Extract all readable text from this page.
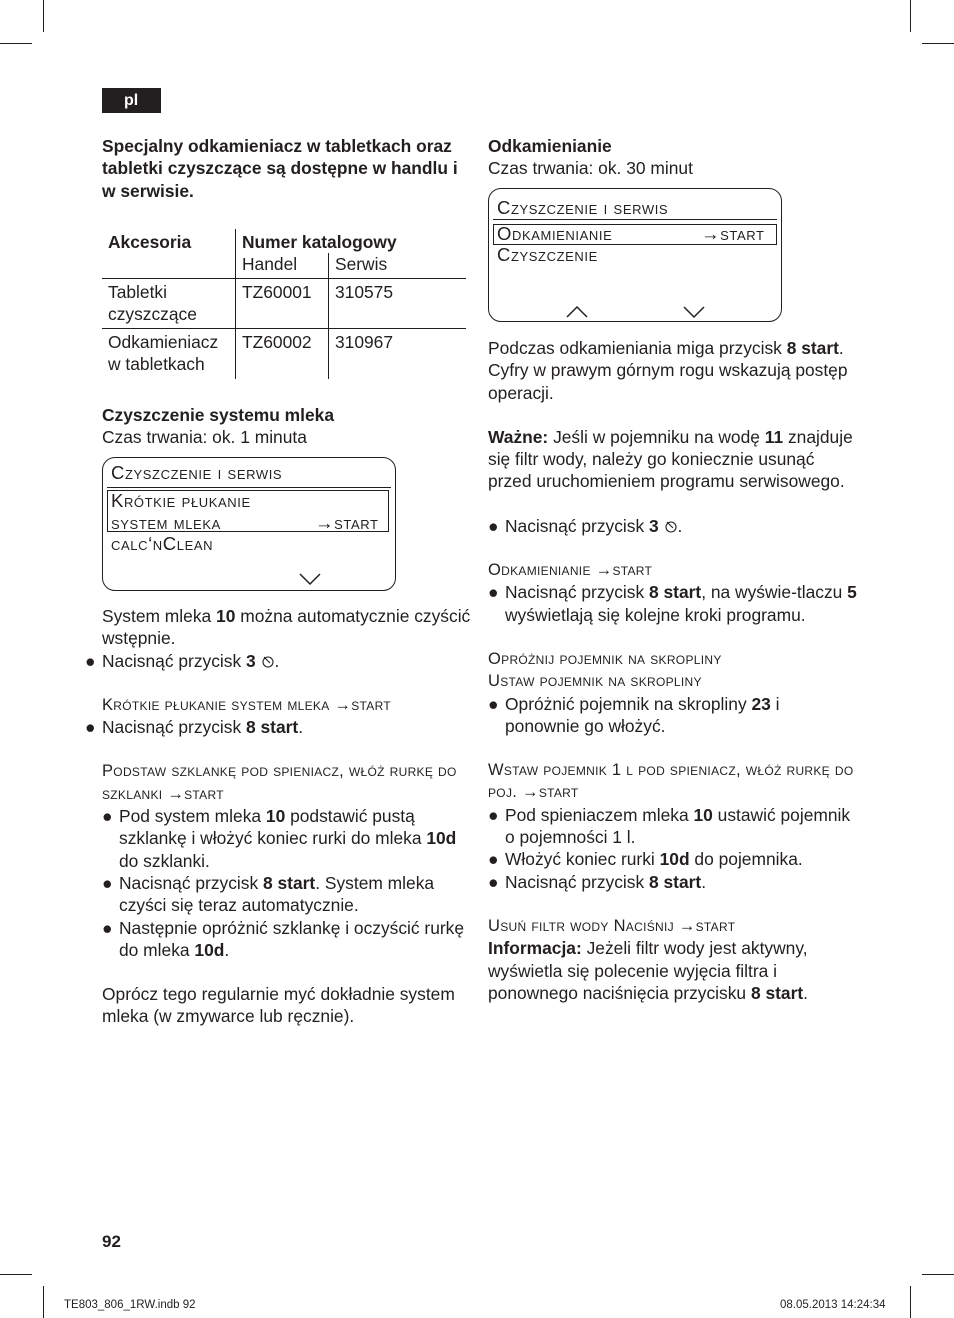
pl

Specjalny odkamieniacz w tabletkach oraz tabletki czyszczące są dostępne w handlu i w serwisie.

Akcesoria	Numer katalogowy	
	Handel	Serwis
Tabletki czyszczące	TZ60001	310575
Odkamieniacz w tabletkach	TZ60002	310967

Czyszczenie systemu mleka

Czas trwania: ok. 1 minuta

Czyszczenie i serwis
Krótkie płukanie
system mleka	→start
calc‘nClean

System mleka 10 można automatycznie czyścić wstępnie.

● Nacisnąć przycisk 3 .

Krótkie płukanie system mleka →start

● Nacisnąć przycisk 8 start.

Podstaw szklankę pod spieniacz, włóż rurkę do szklanki →start

● Pod system mleka 10 podstawić pustą szklankę i włożyć koniec rurki do mleka 10d do szklanki.
● Nacisnąć przycisk 8 start. System mleka czyści się teraz automatycznie.
● Następnie opróżnić szklankę i oczyścić rurkę do mleka 10d.

Oprócz tego regularnie myć dokładnie system mleka (w zmywarce lub ręcznie).

Odkamienianie

Czas trwania: ok. 30 minut

Czyszczenie i serwis
Odkamienianie	→start
Czyszczenie

Podczas odkamieniania miga przycisk 8 start.

Cyfry w prawym górnym rogu wskazują postęp operacji.

Ważne: Jeśli w pojemniku na wodę 11 znajduje się filtr wody, należy go koniecznie usunąć przed uruchomieniem programu serwisowego.

● Nacisnąć przycisk 3 .

Odkamienianie →start

● Nacisnąć przycisk 8 start, na wyświe-tlaczu 5 wyświetlają się kolejne kroki programu.

Opróżnij pojemnik na skropliny

Ustaw pojemnik na skropliny

● Opróżnić pojemnik na skropliny 23 i ponownie go włożyć.

Wstaw pojemnik 1 l pod spieniacz, włóż rurkę do poj. →start

● Pod spieniaczem mleka 10 ustawić pojemnik o pojemności 1 l.
● Włożyć koniec rurki 10d do pojemnika.
● Nacisnąć przycisk 8 start.

Usuń filtr wody Naciśnij →start

Informacja: Jeżeli filtr wody jest aktywny, wyświetla się polecenie wyjęcia filtra i ponownego naciśnięcia przycisku 8 start.

92
TE803_806_1RW.indb 92	08.05.2013 14:24:34
